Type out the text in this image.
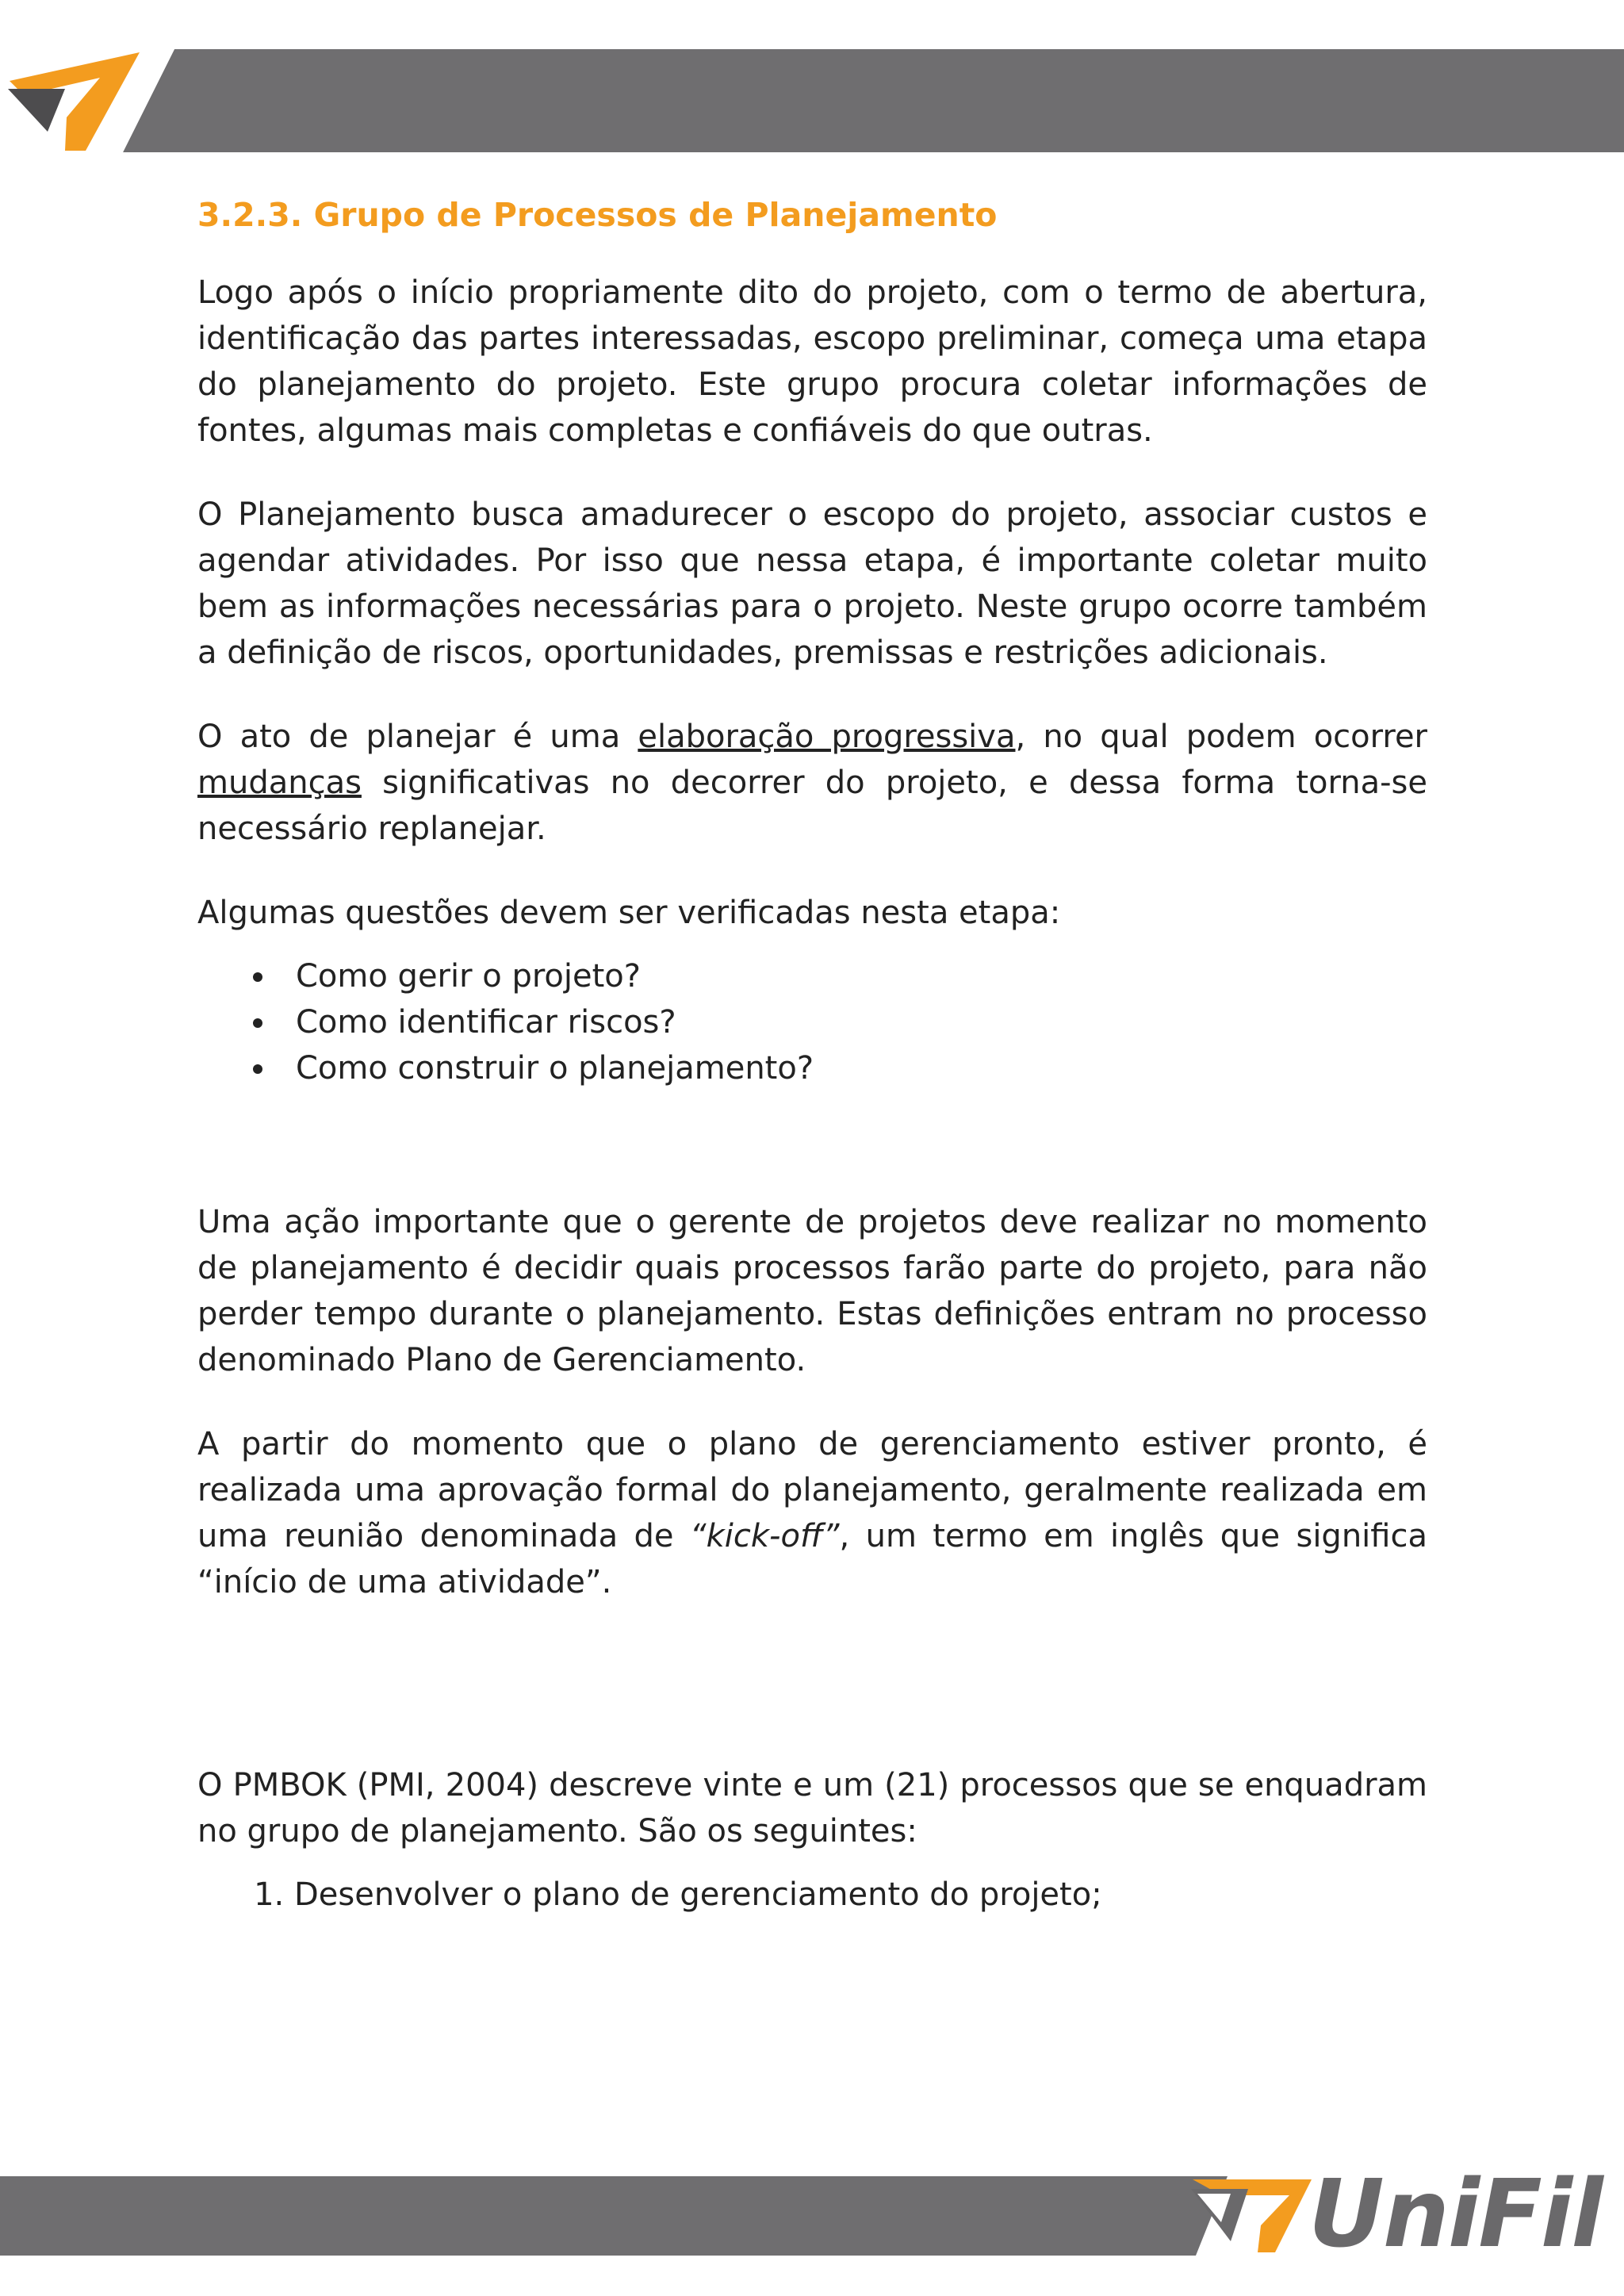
3.2.3. Grupo de Processos de Planejamento

Logo após o início propriamente dito do projeto, com o termo de abertura, identificação das partes interessadas, escopo preliminar, começa uma etapa do planejamento do projeto. Este grupo procura coletar informações de fontes, algumas mais completas e confiáveis do que outras.

O Planejamento busca amadurecer o escopo do projeto, associar custos e agendar atividades. Por isso que nessa etapa, é importante coletar muito bem as informações necessárias para o projeto. Neste grupo ocorre também a definição de riscos, oportunidades, premissas e restrições adicionais.

O ato de planejar é uma elaboração progressiva, no qual podem ocorrer mudanças significativas no decorrer do projeto, e dessa forma torna-se necessário replanejar.

Algumas questões devem ser verificadas nesta etapa:

Como gerir o projeto?
Como identificar riscos?
Como construir o planejamento?

Uma ação importante que o gerente de projetos deve realizar no momento de planejamento é decidir quais processos farão parte do projeto, para não perder tempo durante o planejamento. Estas definições entram no processo denominado Plano de Gerenciamento.

A partir do momento que o plano de gerenciamento estiver pronto, é realizada uma aprovação formal do planejamento, geralmente realizada em uma reunião denominada de “kick-off”, um termo em inglês que significa “início de uma atividade”.

O PMBOK (PMI, 2004) descreve vinte e um (21) processos que se enquadram no grupo de planejamento. São os seguintes:

1. Desenvolver o plano de gerenciamento do projeto;
UniFil
